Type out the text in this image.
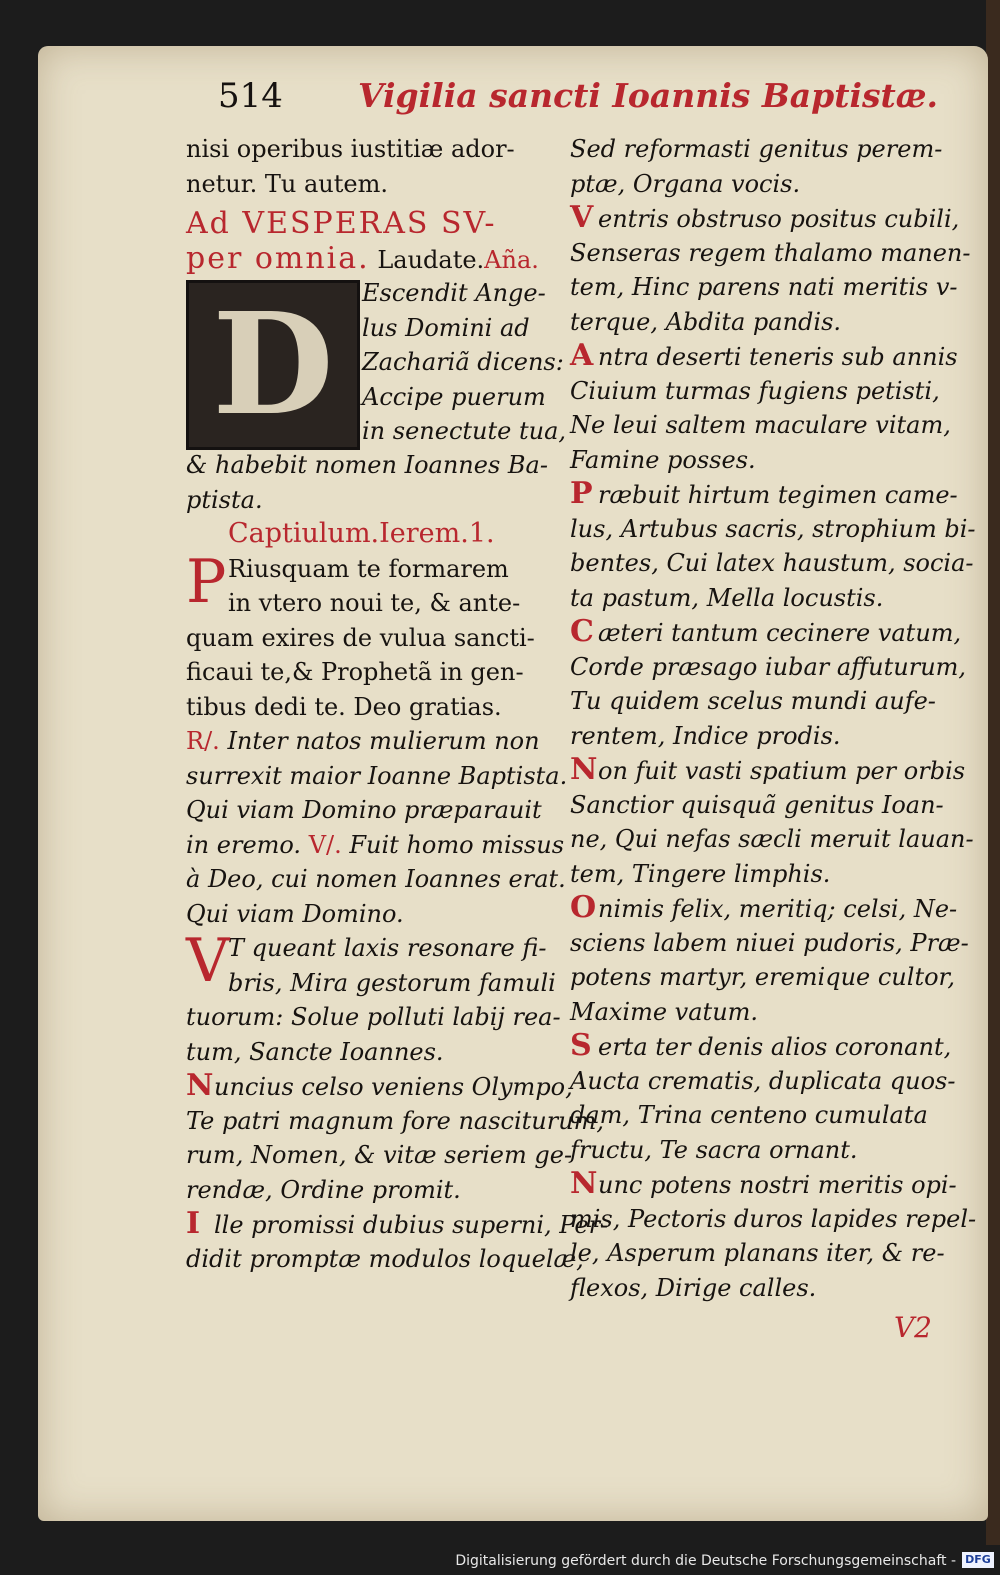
514 Vigilia sancti Ioannis Baptistæ.
nisi operibus iustitiæ ador-
netur. Tu autem.
Ad VESPERAS SV-
per omnia. Laudate.Aña.
D	Escendit Ange-
lus Domini ad
Zachariã dicens:
Accipe puerum
in senectute tua,
& habebit nomen Ioannes Ba-
ptista.
Captiulum.Ierem.1.
P Riusquam te formarem
in vtero noui te, & ante-
quam exires de vulua sancti-
ficaui te,& Prophetã in gen-
tibus dedi te. Deo gratias.
R/. Inter natos mulierum non
surrexit maior Ioanne Baptista.
Qui viam Domino præparauit
in eremo. V/. Fuit homo missus
à Deo, cui nomen Ioannes erat.
Qui viam Domino.
V
T queant laxis resonare fi-
bris, Mira gestorum famuli
tuorum: Solue polluti labij rea-
tum, Sancte Ioannes.
Nuncius celso veniens Olympo,
Te patri magnum fore nasciturum,
rum, Nomen, & vitæ seriem ge-
rendæ, Ordine promit.
I lle promissi dubius superni, Per-
didit promptæ modulos loquelæ,
Sed reformasti genitus perem-
ptæ, Organa vocis.
V entris obstruso positus cubili,
Senseras regem thalamo manen-
tem, Hinc parens nati meritis v-
terque, Abdita pandis.
A ntra deserti teneris sub annis
Ciuium turmas fugiens petisti,
Ne leui saltem maculare vitam,
Famine posses.
P ræbuit hirtum tegimen came-
lus, Artubus sacris, strophium bi-
bentes, Cui latex haustum, socia-
ta pastum, Mella locustis.
C æteri tantum cecinere vatum,
Corde præsago iubar affuturum,
Tu quidem scelus mundi aufe-
rentem, Indice prodis.
Non fuit vasti spatium per orbis
Sanctior quisquã genitus Ioan-
ne, Qui nefas sæcli meruit lauan-
tem, Tingere limphis.
Onimis felix, meritiq; celsi, Ne-
sciens labem niuei pudoris, Præ-
potens martyr, eremique cultor,
Maxime vatum.
S erta ter denis alios coronant,
Aucta crematis, duplicata quos-
dam, Trina centeno cumulata
fructu, Te sacra ornant.
Nunc potens nostri meritis opi-
mis, Pectoris duros lapides repel-
le, Asperum planans iter, & re-
flexos, Dirige calles.
V2
Digitalisierung gefördert durch die Deutsche Forschungsgemeinschaft - DFG
